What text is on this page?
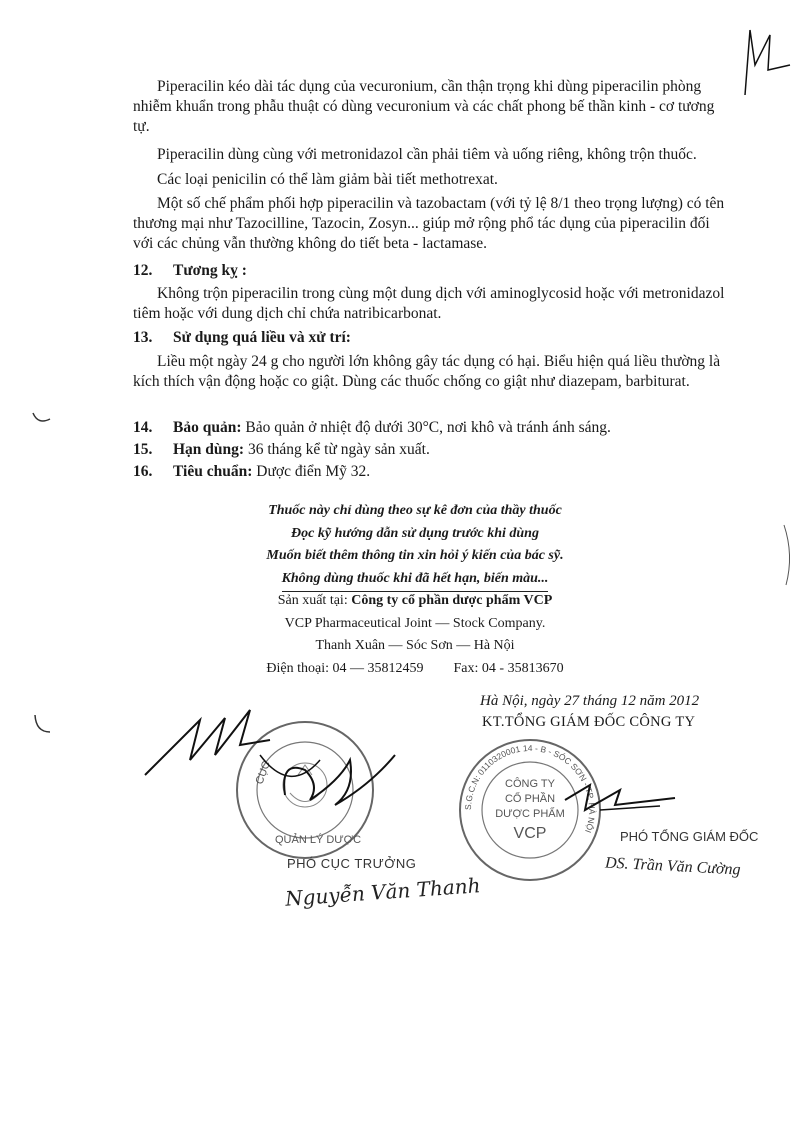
Piperacilin kéo dài tác dụng của vecuronium, cần thận trọng khi dùng piperacilin phòng nhiễm khuẩn trong phẫu thuật có dùng vecuronium và các chất phong bế thần kinh - cơ tương tự.
Piperacilin dùng cùng với metronidazol cần phải tiêm và uống riêng, không trộn thuốc.
Các loại penicilin có thể làm giảm bài tiết methotrexat.
Một số chế phẩm phối hợp piperacilin và tazobactam (với tỷ lệ 8/1 theo trọng lượng) có tên thương mại như Tazocilline, Tazocin, Zosyn... giúp mở rộng phổ tác dụng của piperacilin đối với các chủng vẫn thường không do tiết beta - lactamase.
12. Tương kỵ :
Không trộn piperacilin trong cùng một dung dịch với aminoglycosid hoặc với metronidazol tiêm hoặc với dung dịch chỉ chứa natribicarbonat.
13. Sử dụng quá liều và xử trí:
Liều một ngày 24 g cho người lớn không gây tác dụng có hại. Biểu hiện quá liều thường là kích thích vận động hoặc co giật. Dùng các thuốc chống co giật như diazepam, barbiturat.
14. Bảo quản: Bảo quản ở nhiệt độ dưới 30°C, nơi khô và tránh ánh sáng.
15. Hạn dùng: 36 tháng kể từ ngày sản xuất.
16. Tiêu chuẩn: Dược điển Mỹ 32.
Thuốc này chỉ dùng theo sự kê đơn của thầy thuốc
Đọc kỹ hướng dẫn sử dụng trước khi dùng
Muốn biết thêm thông tin xin hỏi ý kiến của bác sỹ.
Không dùng thuốc khi đã hết hạn, biến màu...
Sản xuất tại: Công ty cổ phần dược phẩm VCP
VCP Pharmaceutical Joint — Stock Company.
Thanh Xuân — Sóc Sơn — Hà Nội
Điện thoại: 04 — 35812459 Fax: 04 - 35813670
Hà Nội, ngày 27 tháng 12 năm 2012
KT.TỔNG GIÁM ĐỐC CÔNG TY
CỤC
QUẢN LÝ DƯỢC
S.G.C.N: 0110320001 14 - B - SÓC SƠN - TP. HÀ NỘI
CÔNG TY
CỔ PHẦN
DƯỢC PHẨM
VCP	PHÓ TỔNG GIÁM ĐỐC
DS. Trần Văn Cường
PHÓ CỤC TRƯỞNG
Nguyễn Văn Thanh
